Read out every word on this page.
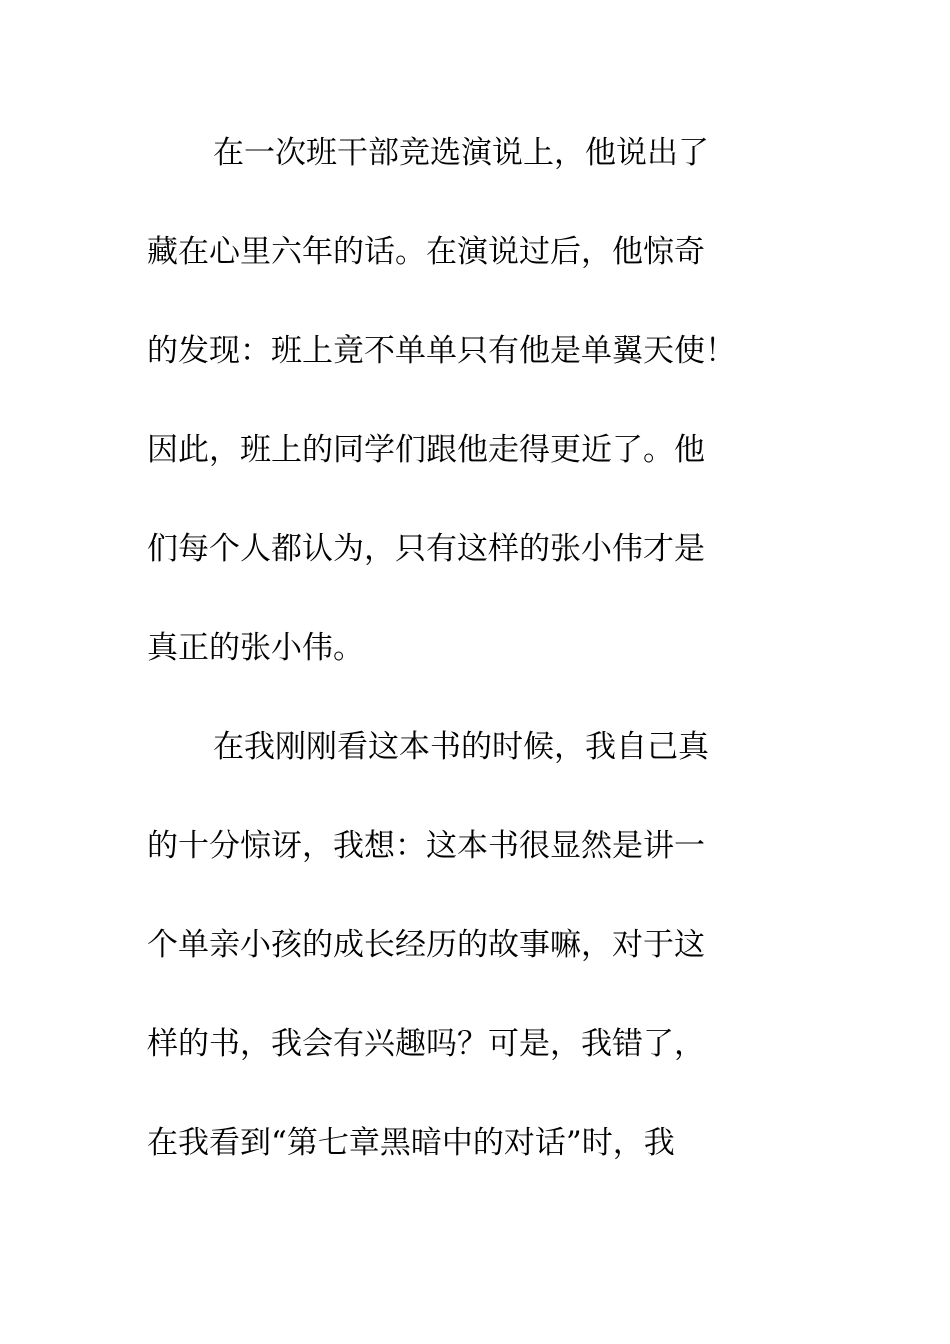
在一次班干部竞选演说上，他说出了
藏在心里六年的话。在演说过后，他惊奇
的发现：班上竟不单单只有他是单翼天使！
因此，班上的同学们跟他走得更近了。他
们每个人都认为，只有这样的张小伟才是
真正的张小伟。
在我刚刚看这本书的时候，我自己真
的十分惊讶，我想：这本书很显然是讲一
个单亲小孩的成长经历的故事嘛，对于这
样的书，我会有兴趣吗？可是，我错了，
在我看到“第七章黑暗中的对话”时，我
